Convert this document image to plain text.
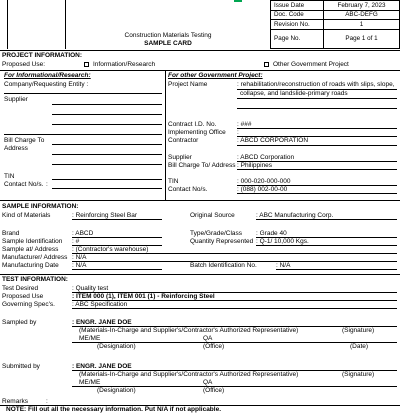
Construction Materials Testing
SAMPLE CARD
Issue Date	February 7, 2023
Doc. Code	ABC-DEFG
Revision No.	1
Page No.	Page 1 of 1
PROJECT INFORMATION:
Proposed Use:	Information/Research	Other Government Project
For Informational/Research:
Company/Requesting Entity :
Supplier
Bill Charge To
Address
TIN
Contact No/s. :
For other Government Project:
Project Name	: rehabilitation/reconstruction of roads with slips, slope,
collapse, and landslide-primary roads
Contract I.D. No.	: ###
Implementing Office :
Contractor	: ABCD CORPORATION
Supplier	: ABCD Corporation
Bill Charge To/ Address : Philippines
TIN	: 000-020-000-000
Contact No/s.	: (088) 002-00-00
SAMPLE INFORMATION:
Kind of Materials	: Reinforcing Steel Bar	Original Source	: ABC Manufacturing Corp.
Brand	: ABCD	Type/Grade/Class : Grade 40
Sample Identification : #	Quantity Represented : Q-1/ 10,000 Kgs.
Sample at/ Address : (Contractor's warehouse)
Manufacturer/ Address : N/A
Manufacturing Date : N/A	Batch Identification No.	: N/A
TEST INFORMATION:
Test Desired	: Quality test
Proposed Use	: ITEM 000 (1), ITEM 001 (1) - Reinforcing Steel
Governing Spec's.	: ABC Specification
Sampled by	: ENGR. JANE DOE
(Materials-In-Charge and Supplier's/Contractor's Authorized Representative)	(Signature)
ME/ME	QA
(Designation)	(Office)	(Date)
Submitted by	: ENGR. JANE DOE
(Materials-In-Charge and Supplier's/Contractor's Authorized Representative)	(Signature)
ME/ME	QA
(Designation)	(Office)
Remarks	:
NOTE: Fill out all the necessary information. Put N/A if not applicable.
